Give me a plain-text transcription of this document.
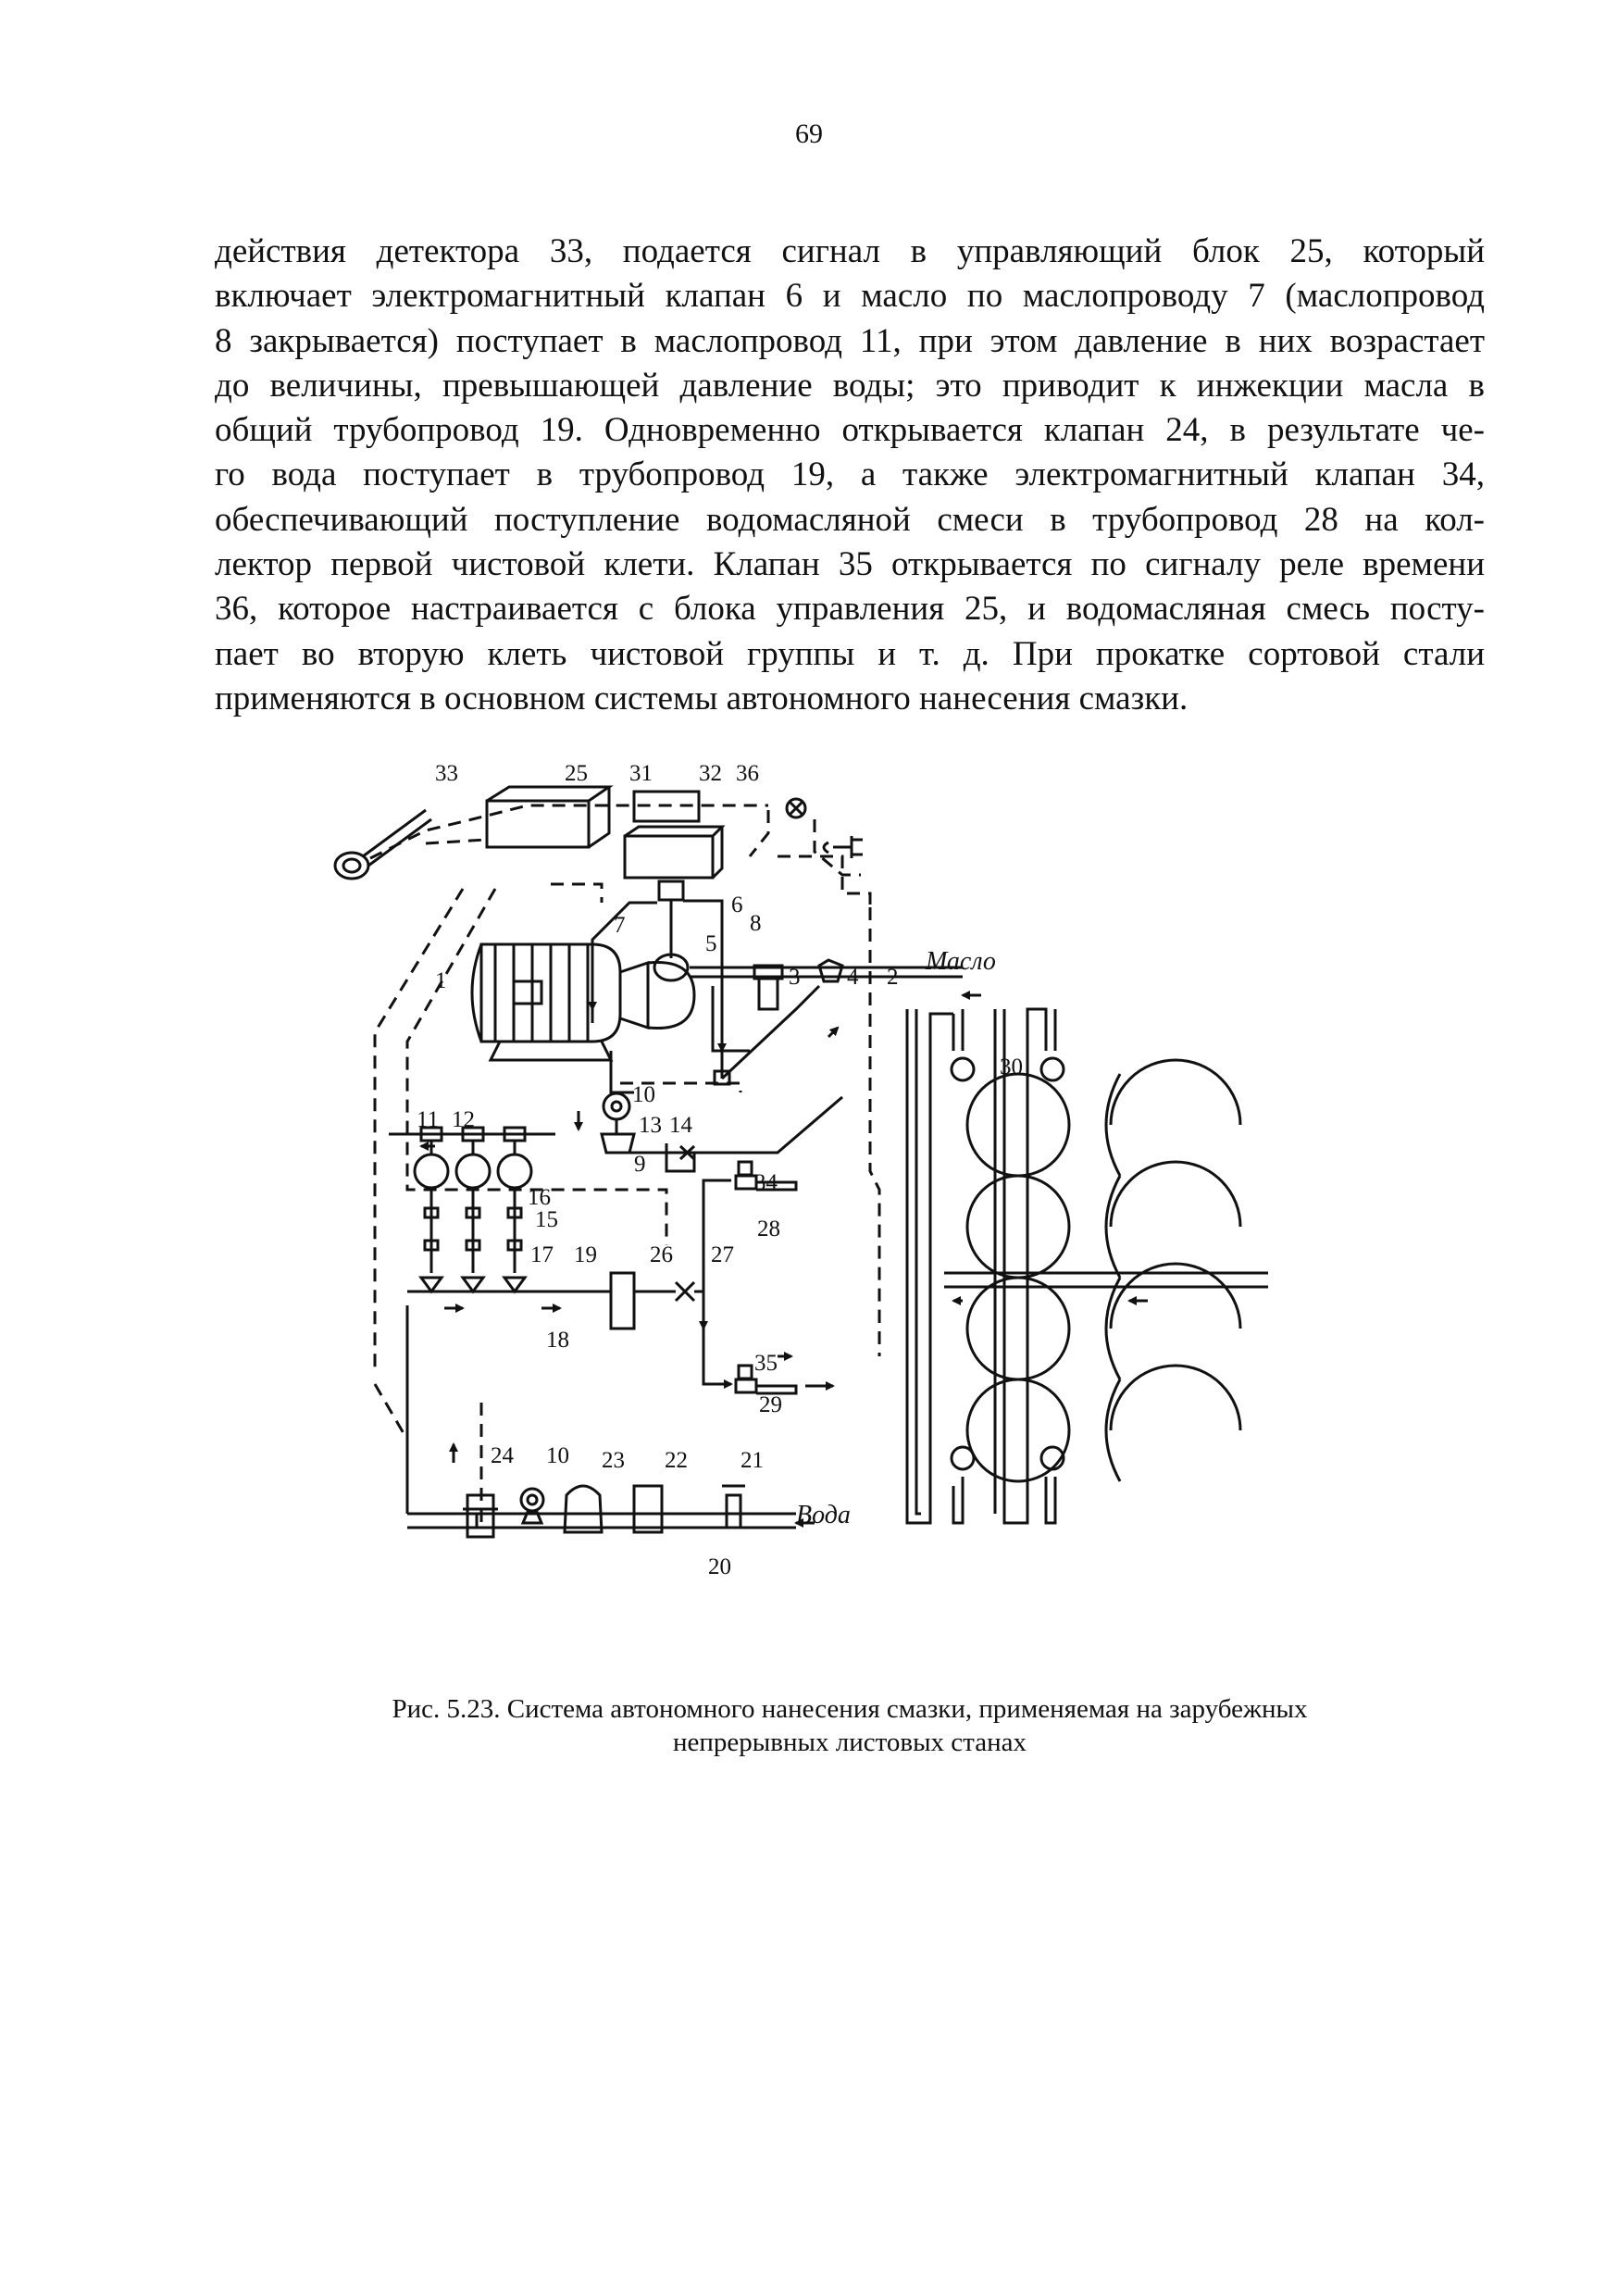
69
действия детектора 33, подается сигнал в управляющий блок 25, который
включает электромагнитный клапан 6 и масло по маслопроводу 7 (маслопровод
8 закрывается) поступает в маслопровод 11, при этом давление в них возрастает
до величины, превышающей давление воды; это приводит к инжекции масла в
общий трубопровод 19. Одновременно открывается клапан 24, в результате че-
го вода поступает в трубопровод 19, а также электромагнитный клапан 34,
обеспечивающий поступление водомасляной смеси в трубопровод 28 на кол-
лектор первой чистовой клети. Клапан 35 открывается по сигналу реле времени
36, которое настраивается с блока управления 25, и водомасляная смесь посту-
пает во вторую клеть чистовой группы и т. д. При прокатке сортовой стали
применяются в основном системы автономного нанесения смазки.
33	25 31 32 36
6
8
7
5
3 4 2
Масло
1
10
13 14
11 12
9
16
15
17 19 26 27
34
28
18
35
29
24 10 23 22 21
Вода
20
30
Рис. 5.23. Система автономного нанесения смазки, применяемая на зарубежных
непрерывных листовых станах
